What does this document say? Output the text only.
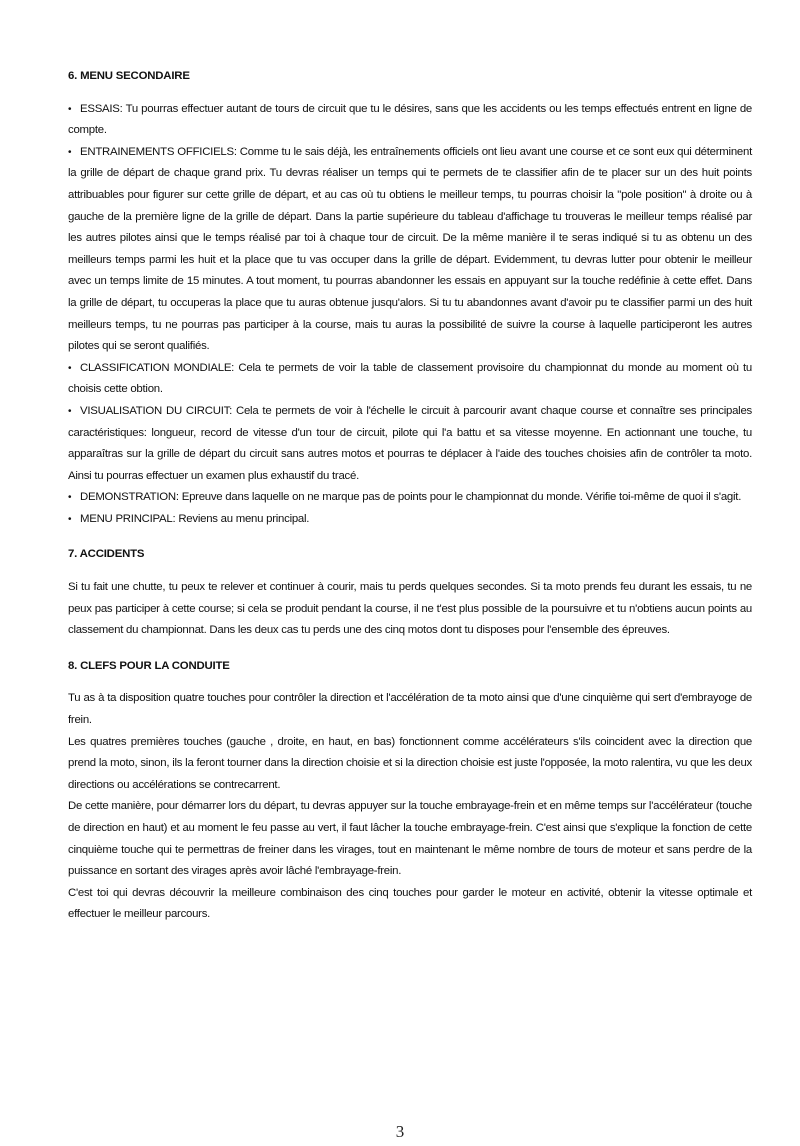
6. MENU SECONDAIRE

• ESSAIS: Tu pourras effectuer autant de tours de circuit que tu le désires, sans que les accidents ou les temps effectués entrent en ligne de compte.

• ENTRAINEMENTS OFFICIELS: Comme tu le sais déjà, les entraînements officiels ont lieu avant une course et ce sont eux qui déterminent la grille de départ de chaque grand prix. Tu devras réaliser un temps qui te permets de te classifier afin de te placer sur un des huit points attribuables pour figurer sur cette grille de départ, et au cas où tu obtiens le meilleur temps, tu pourras choisir la "pole position" à droite ou à gauche de la première ligne de la grille de départ. Dans la partie supérieure du tableau d'affichage tu trouveras le meilleur temps réalisé par les autres pilotes ainsi que le temps réalisé par toi à chaque tour de circuit. De la même manière il te seras indiqué si tu as obtenu un des meilleurs temps parmi les huit et la place que tu vas occuper dans la grille de départ. Evidemment, tu devras lutter pour obtenir le meilleur avec un temps limite de 15 minutes. A tout moment, tu pourras abandonner les essais en appuyant sur la touche redéfinie à cette effet. Dans la grille de départ, tu occuperas la place que tu auras obtenue jusqu'alors. Si tu tu abandonnes avant d'avoir pu te classifier parmi un des huit meilleurs temps, tu ne pourras pas participer à la course, mais tu auras la possibilité de suivre la course à laquelle participeront les autres pilotes qui se seront qualifiés.

• CLASSIFICATION MONDIALE: Cela te permets de voir la table de classement provisoire du championnat du monde au moment où tu choisis cette obtion.

• VISUALISATION DU CIRCUIT: Cela te permets de voir à l'échelle le circuit à parcourir avant chaque course et connaître ses principales caractéristiques: longueur, record de vitesse d'un tour de circuit, pilote qui l'a battu et sa vitesse moyenne. En actionnant une touche, tu apparaîtras sur la grille de départ du circuit sans autres motos et pourras te déplacer à l'aide des touches choisies afin de contrôler ta moto. Ainsi tu pourras effectuer un examen plus exhaustif du tracé.

• DEMONSTRATION: Epreuve dans laquelle on ne marque pas de points pour le championnat du monde. Vérifie toi-même de quoi il s'agit.

• MENU PRINCIPAL: Reviens au menu principal.

7. ACCIDENTS

Si tu fait une chutte, tu peux te relever et continuer à courir, mais tu perds quelques secondes. Si ta moto prends feu durant les essais, tu ne peux pas participer à cette course; si cela se produit pendant la course, il ne t'est plus possible de la poursuivre et tu n'obtiens aucun points au classement du championnat. Dans les deux cas tu perds une des cinq motos dont tu disposes pour l'ensemble des épreuves.

8. CLEFS POUR LA CONDUITE

Tu as à ta disposition quatre touches pour contrôler la direction et l'accélération de ta moto ainsi que d'une cinquième qui sert d'embrayoge de frein.

Les quatres premières touches (gauche , droite, en haut, en bas) fonctionnent comme accélérateurs s'ils coincident avec la direction que prend la moto, sinon, ils la feront tourner dans la direction choisie et si la direction choisie est juste l'opposée, la moto ralentira, vu que les deux directions ou accélérations se contrecarrent.

De cette manière, pour démarrer lors du départ, tu devras appuyer sur la touche embrayage-frein et en même temps sur l'accélérateur (touche de direction en haut) et au moment le feu passe au vert, il faut lâcher la touche embrayage-frein. C'est ainsi que s'explique la fonction de cette cinquième touche qui te permettras de freiner dans les virages, tout en maintenant le même nombre de tours de moteur et sans perdre de la puissance en sortant des virages après avoir lâché l'embrayage-frein.

C'est toi qui devras découvrir la meilleure combinaison des cinq touches pour garder le moteur en activité, obtenir la vitesse optimale et effectuer le meilleur parcours.

3
